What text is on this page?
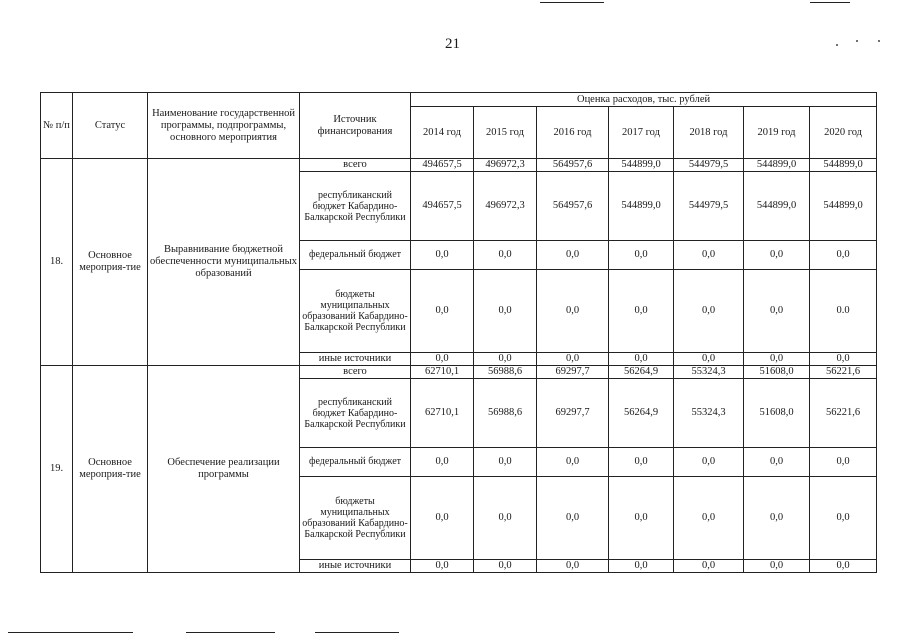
21
№ п/п	Статус	Наименование государственной программы, подпрограммы, основного мероприятия	Источник финансирования	Оценка расходов, тыс. рублей						
				2014 год	2015 год	2016 год	2017 год	2018 год	2019 год	2020 год
18.	Основное мероприя-тие	Выравнивание бюджетной обеспеченности муниципальных образований	всего	494657,5	496972,3	564957,6	544899,0	544979,5	544899,0	544899,0
			республиканский бюджет Кабардино-Балкарской Республики	494657,5	496972,3	564957,6	544899,0	544979,5	544899,0	544899,0
			федеральный бюджет	0,0	0,0	0,0	0,0	0,0	0,0	0,0
			бюджеты муниципальных образований Кабардино-Балкарской Республики	0,0	0,0	0,0	0,0	0,0	0,0	0.0
			иные источники	0,0	0,0	0,0	0,0	0,0	0,0	0,0
19.	Основное мероприя-тие	Обеспечение реализации программы	всего	62710,1	56988,6	69297,7	56264,9	55324,3	51608,0	56221,6
			республиканский бюджет Кабардино-Балкарской Республики	62710,1	56988,6	69297,7	56264,9	55324,3	51608,0	56221,6
			федеральный бюджет	0,0	0,0	0,0	0,0	0,0	0,0	0,0
			бюджеты муниципальных образований Кабардино-Балкарской Республики	0,0	0,0	0,0	0,0	0,0	0,0	0,0
			иные источники	0,0	0,0	0,0	0,0	0,0	0,0	0,0
